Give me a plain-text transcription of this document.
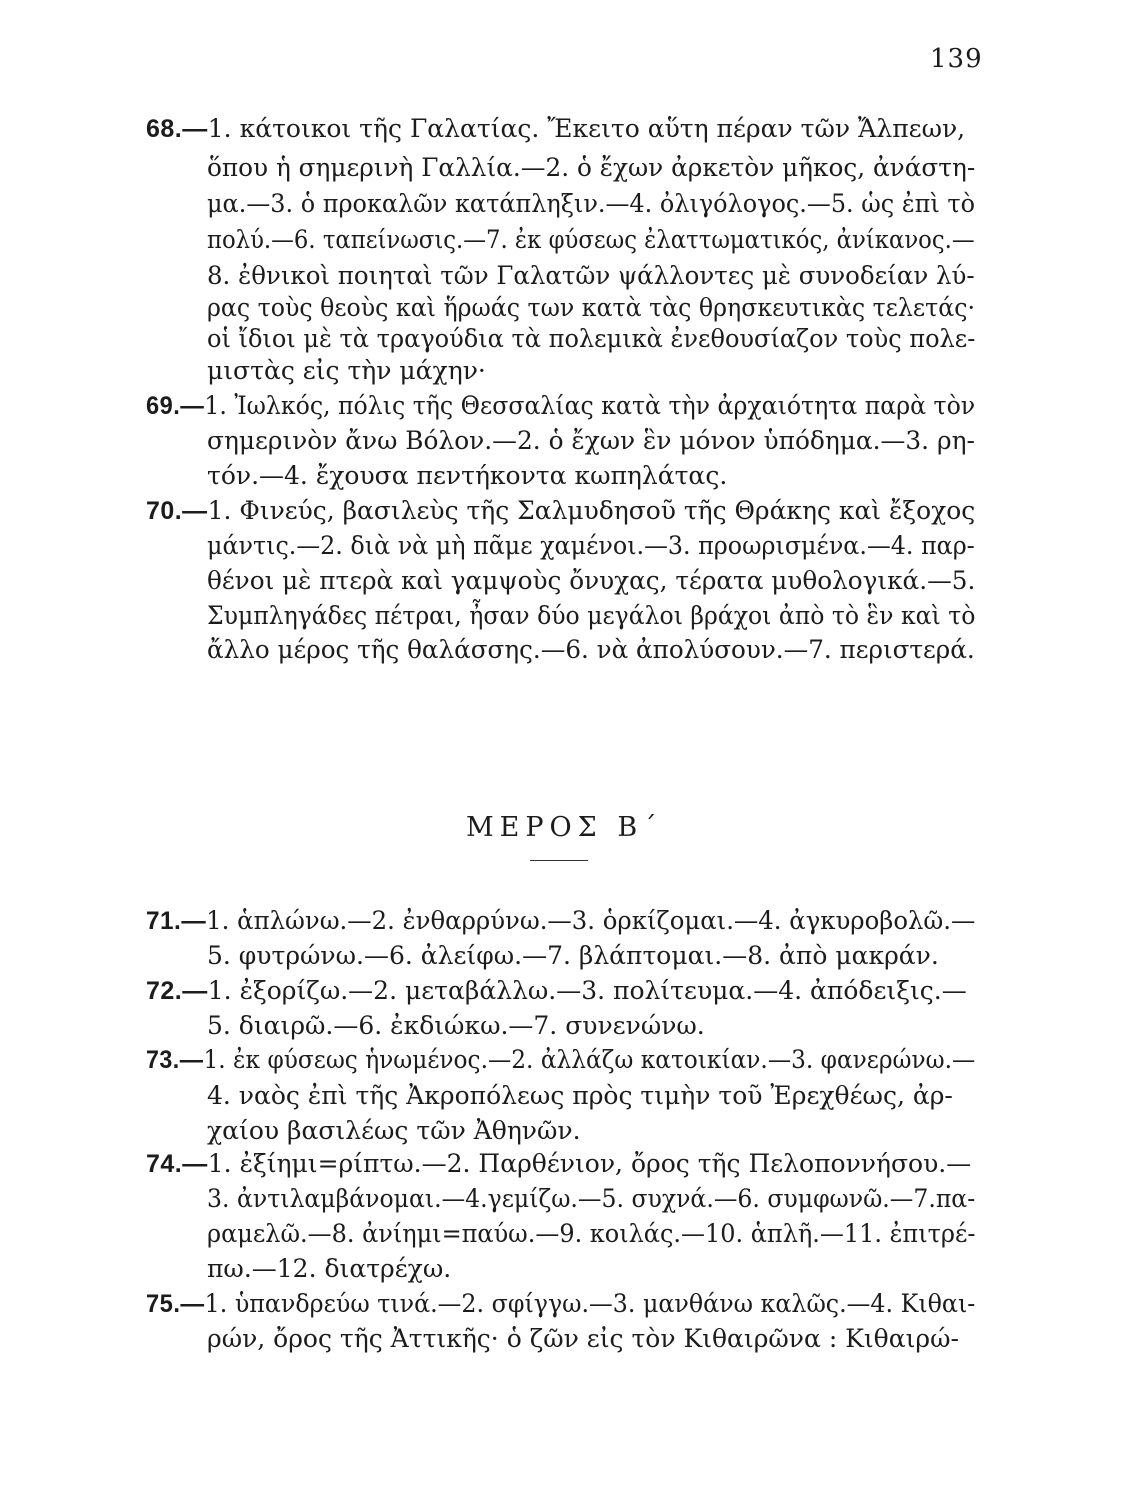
139
68.—1. κάτοικοι τῆς Γαλατίας. Ἔκειτο αὕτη πέραν τῶν Ἄλπεων,
ὅπου ἡ σημερινὴ Γαλλία.—2. ὁ ἔχων ἀρκετὸν μῆκος, ἀνάστη-
μα.—3. ὁ προκαλῶν κατάπληξιν.—4. ὀλιγόλογος.—5. ὡς ἐπὶ τὸ
πολύ.—6. ταπείνωσις.—7. ἐκ φύσεως ἐλαττωματικός, ἀνίκανος.—
8. ἐθνικοὶ ποιηταὶ τῶν Γαλατῶν ψάλλοντες μὲ συνοδείαν λύ-
ρας τοὺς θεοὺς καὶ ἥρωάς των κατὰ τὰς θρησκευτικὰς τελετάς·
οἱ ἴδιοι μὲ τὰ τραγούδια τὰ πολεμικὰ ἐνεθουσίαζον τοὺς πολε-
μιστὰς εἰς τὴν μάχην·
69.—1. Ἰωλκός, πόλις τῆς Θεσσαλίας κατὰ τὴν ἀρχαιότητα παρὰ τὸν
σημερινὸν ἄνω Βόλον.—2. ὁ ἔχων ἓν μόνον ὑπόδημα.—3. ρη-
τόν.—4. ἔχουσα πεντήκοντα κωπηλάτας.
70.—1. Φινεύς, βασιλεὺς τῆς Σαλμυδησοῦ τῆς Θράκης καὶ ἔξοχος
μάντις.—2. διὰ νὰ μὴ πᾶμε χαμένοι.—3. προωρισμένα.—4. παρ-
θένοι μὲ πτερὰ καὶ γαμψοὺς ὄνυχας, τέρατα μυθολογικά.—5.
Συμπληγάδες πέτραι, ἦσαν δύο μεγάλοι βράχοι ἀπὸ τὸ ἓν καὶ τὸ
ἄλλο μέρος τῆς θαλάσσης.—6. νὰ ἀπολύσουν.—7. περιστερά.
ΜΕΡΟΣ Β΄
71.—1. ἁπλώνω.—2. ἐνθαρρύνω.—3. ὁρκίζομαι.—4. ἀγκυροβολῶ.—
5. φυτρώνω.—6. ἀλείφω.—7. βλάπτομαι.—8. ἀπὸ μακράν.
72.—1. ἐξορίζω.—2. μεταβάλλω.—3. πολίτευμα.—4. ἀπόδειξις.—
5. διαιρῶ.—6. ἐκδιώκω.—7. συνενώνω.
73.—1. ἐκ φύσεως ἡνωμένος.—2. ἀλλάζω κατοικίαν.—3. φανερώνω.—
4. ναὸς ἐπὶ τῆς Ἀκροπόλεως πρὸς τιμὴν τοῦ Ἐρεχθέως, ἀρ-
χαίου βασιλέως τῶν Ἀθηνῶν.
74.—1. ἐξίημι=ρίπτω.—2. Παρθένιον, ὄρος τῆς Πελοποννήσου.—
3. ἀντιλαμβάνομαι.—4.γεμίζω.—5. συχνά.—6. συμφωνῶ.—7.πα-
ραμελῶ.—8. ἀνίημι=παύω.—9. κοιλάς.—10. ἁπλῆ.—11. ἐπιτρέ-
πω.—12. διατρέχω.
75.—1. ὑπανδρεύω τινά.—2. σφίγγω.—3. μανθάνω καλῶς.—4. Κιθαι-
ρών, ὄρος τῆς Ἀττικῆς· ὁ ζῶν εἰς τὸν Κιθαιρῶνα : Κιθαιρώ-
